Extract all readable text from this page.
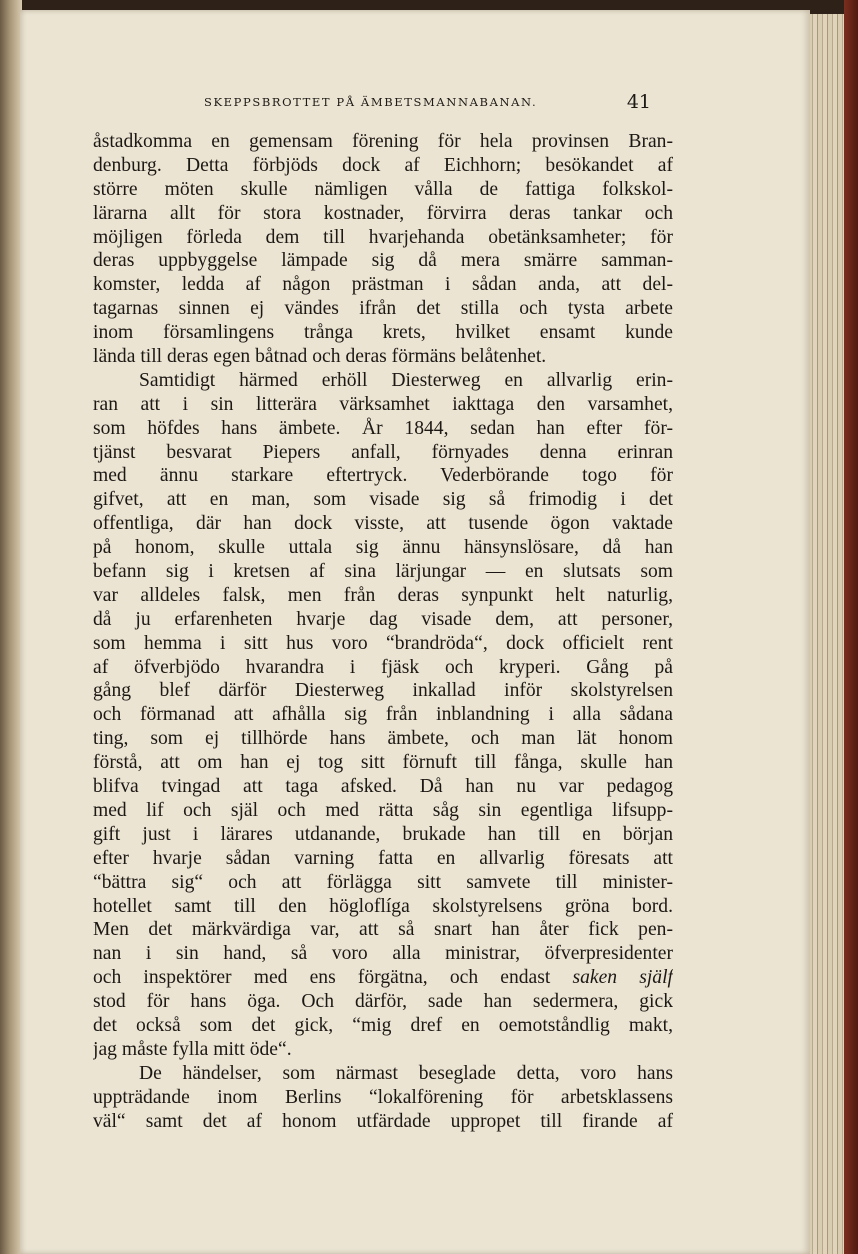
SKEPPSBROTTET PÅ ÄMBETSMANNABANAN.	41
åstadkomma en gemensam förening för hela provinsen Bran-
denburg. Detta förbjöds dock af Eichhorn; besökandet af
större möten skulle nämligen vålla de fattiga folkskol-
lärarna allt för stora kostnader, förvirra deras tankar och
möjligen förleda dem till hvarjehanda obetänksamheter; för
deras uppbyggelse lämpade sig då mera smärre samman-
komster, ledda af någon prästman i sådan anda, att del-
tagarnas sinnen ej vändes ifrån det stilla och tysta arbete
inom församlingens trånga krets, hvilket ensamt kunde
lända till deras egen båtnad och deras förmäns belåtenhet.
Samtidigt härmed erhöll Diesterweg en allvarlig erin-
ran att i sin litterära värksamhet iakttaga den varsamhet,
som höfdes hans ämbete. År 1844, sedan han efter för-
tjänst besvarat Piepers anfall, förnyades denna erinran
med ännu starkare eftertryck. Vederbörande togo för
gifvet, att en man, som visade sig så frimodig i det
offentliga, där han dock visste, att tusende ögon vaktade
på honom, skulle uttala sig ännu hänsynslösare, då han
befann sig i kretsen af sina lärjungar — en slutsats som
var alldeles falsk, men från deras synpunkt helt naturlig,
då ju erfarenheten hvarje dag visade dem, att personer,
som hemma i sitt hus voro “brandröda“, dock officielt rent
af öfverbjödo hvarandra i fjäsk och kryperi. Gång på
gång blef därför Diesterweg inkallad inför skolstyrelsen
och förmanad att afhålla sig från inblandning i alla sådana
ting, som ej tillhörde hans ämbete, och man lät honom
förstå, att om han ej tog sitt förnuft till fånga, skulle han
blifva tvingad att taga afsked. Då han nu var pedagog
med lif och själ och med rätta såg sin egentliga lifsupp-
gift just i lärares utdanande, brukade han till en början
efter hvarje sådan varning fatta en allvarlig föresats att
“bättra sig“ och att förlägga sitt samvete till minister-
hotellet samt till den högloflíga skolstyrelsens gröna bord.
Men det märkvärdiga var, att så snart han åter fick pen-
nan i sin hand, så voro alla ministrar, öfverpresidenter
och inspektörer med ens förgätna, och endast saken själf
stod för hans öga. Och därför, sade han sedermera, gick
det också som det gick, “mig dref en oemotståndlig makt,
jag måste fylla mitt öde“.
De händelser, som närmast beseglade detta, voro hans
uppträdande inom Berlins “lokalförening för arbetsklassens
väl“ samt det af honom utfärdade uppropet till firande af
